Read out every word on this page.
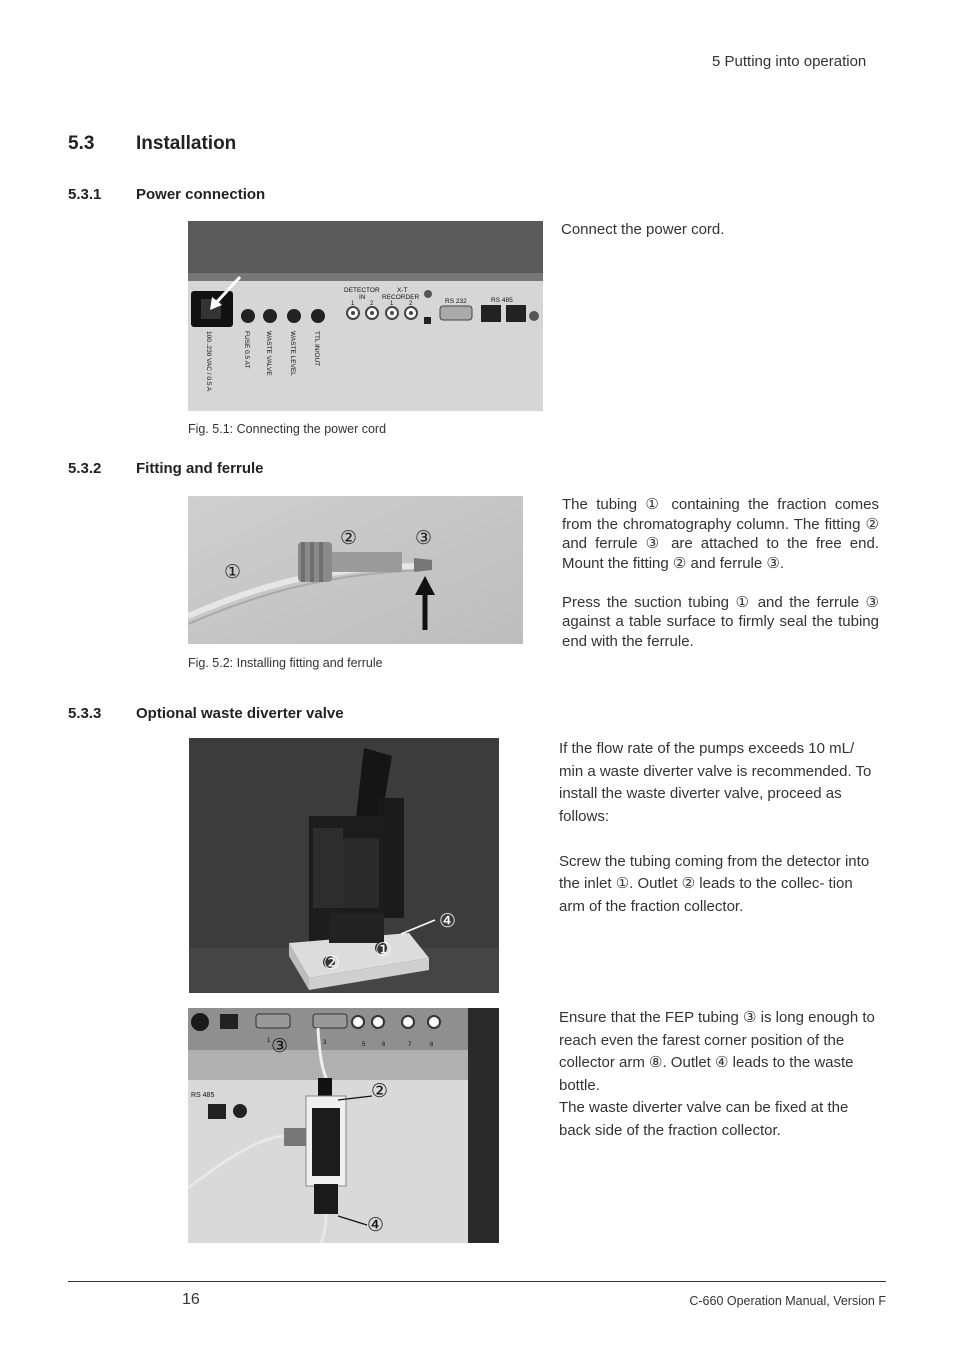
5 Putting into operation
5.3 Installation
5.3.1 Power connection
DETECTOR
IN
X-T
RECORDER
1	2	1	2	RS 232	RS 485
100..230 VAC / 0.5 A	FUSE 0.5 AT WASTE VALVE	WASTE LEVEL	TTL IN/OUT
Connect the power cord.
Fig. 5.1: Connecting the power cord
5.3.2 Fitting and ferrule
①
②	③

The tubing ① containing the fraction comes from the chromatography column. The fitting ② and ferrule ③ are attached to the free end. Mount the fitting ② and ferrule ③.

Press the suction tubing ① and the ferrule ③ against a table surface to firmly seal the tubing end with the ferrule.

Fig. 5.2: Installing fitting and ferrule
5.3.3 Optional waste diverter valve
④
①
②

If the flow rate of the pumps exceeds 10 mL/ min a waste diverter valve is recommended. To install the waste diverter valve, proceed as follows:

Screw the tubing coming from the detector into the inlet ①. Outlet ② leads to the collec- tion arm of the fraction collector.

RS 485
1	3	5	6	7	8
③
②
④

Ensure that the FEP tubing ③ is long enough to reach even the farest corner position of the collector arm ⑧. Outlet ④ leads to the waste bottle.

The waste diverter valve can be fixed at the back side of the fraction collector.

16	C-660 Operation Manual, Version F
